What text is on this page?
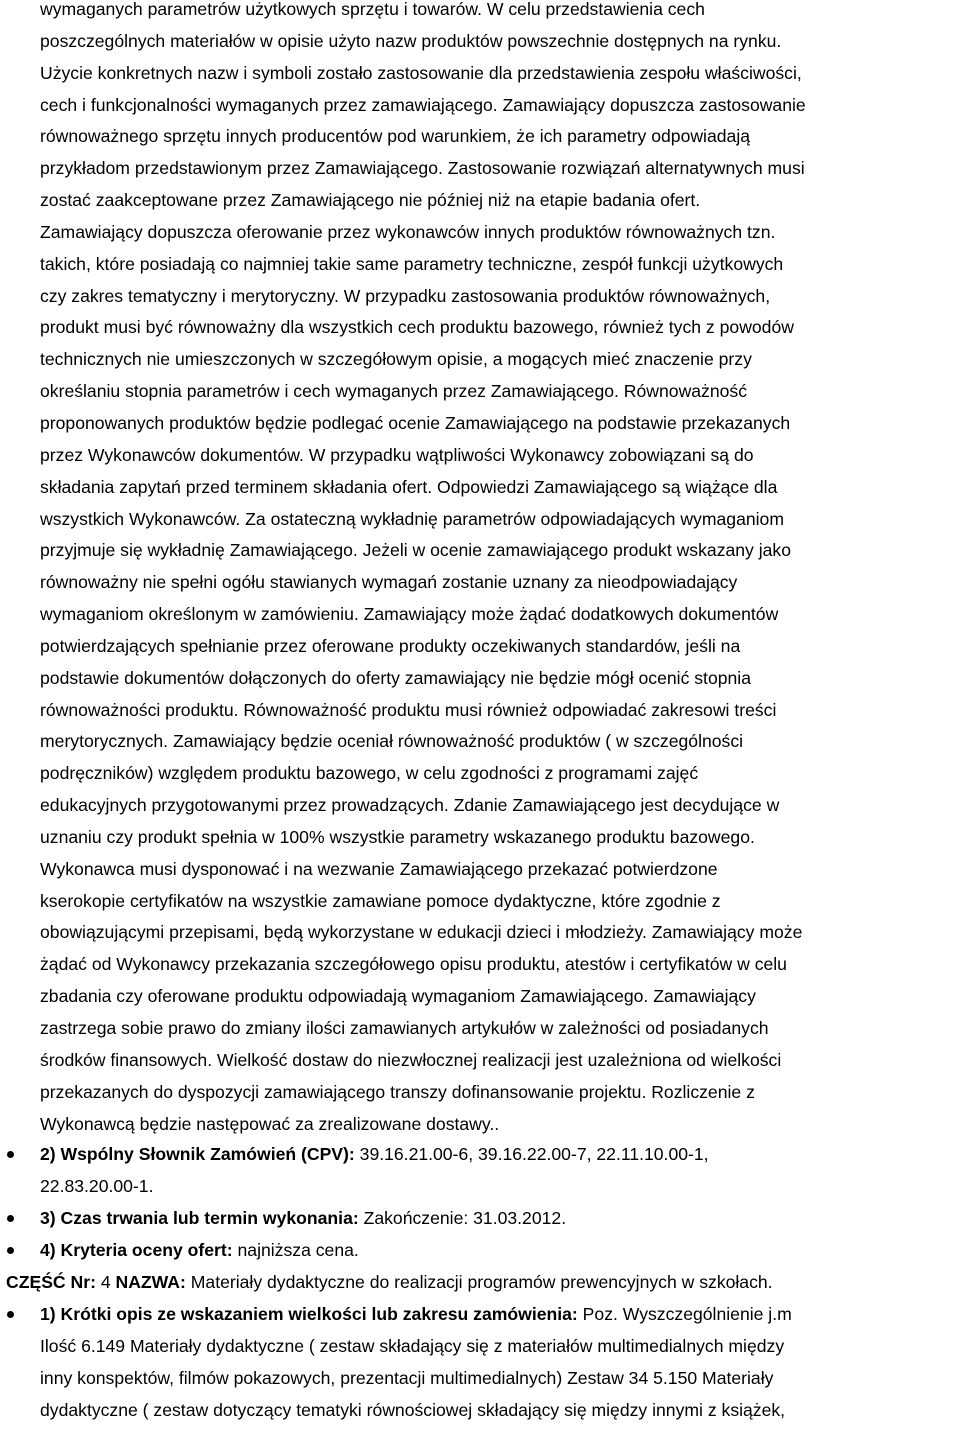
wymaganych parametrów użytkowych sprzętu i towarów. W celu przedstawienia cech
poszczególnych materiałów w opisie użyto nazw produktów powszechnie dostępnych na rynku.
Użycie konkretnych nazw i symboli zostało zastosowanie dla przedstawienia zespołu właściwości,
cech i funkcjonalności wymaganych przez zamawiającego. Zamawiający dopuszcza zastosowanie
równoważnego sprzętu innych producentów pod warunkiem, że ich parametry odpowiadają
przykładom przedstawionym przez Zamawiającego. Zastosowanie rozwiązań alternatywnych musi
zostać zaakceptowane przez Zamawiającego nie później niż na etapie badania ofert.
Zamawiający dopuszcza oferowanie przez wykonawców innych produktów równoważnych tzn.
takich, które posiadają co najmniej takie same parametry techniczne, zespół funkcji użytkowych
czy zakres tematyczny i merytoryczny. W przypadku zastosowania produktów równoważnych,
produkt musi być równoważny dla wszystkich cech produktu bazowego, również tych z powodów
technicznych nie umieszczonych w szczegółowym opisie, a mogących mieć znaczenie przy
określaniu stopnia parametrów i cech wymaganych przez Zamawiającego. Równoważność
proponowanych produktów będzie podlegać ocenie Zamawiającego na podstawie przekazanych
przez Wykonawców dokumentów. W przypadku wątpliwości Wykonawcy zobowiązani są do
składania zapytań przed terminem składania ofert. Odpowiedzi Zamawiającego są wiążące dla
wszystkich Wykonawców. Za ostateczną wykładnię parametrów odpowiadających wymaganiom
przyjmuje się wykładnię Zamawiającego. Jeżeli w ocenie zamawiającego produkt wskazany jako
równoważny nie spełni ogółu stawianych wymagań zostanie uznany za nieodpowiadający
wymaganiom określonym w zamówieniu. Zamawiający może żądać dodatkowych dokumentów
potwierdzających spełnianie przez oferowane produkty oczekiwanych standardów, jeśli na
podstawie dokumentów dołączonych do oferty zamawiający nie będzie mógł ocenić stopnia
równoważności produktu. Równoważność produktu musi również odpowiadać zakresowi treści
merytorycznych. Zamawiający będzie oceniał równoważność produktów ( w szczególności
podręczników) względem produktu bazowego, w celu zgodności z programami zajęć
edukacyjnych przygotowanymi przez prowadzących. Zdanie Zamawiającego jest decydujące w
uznaniu czy produkt spełnia w 100% wszystkie parametry wskazanego produktu bazowego.
Wykonawca musi dysponować i na wezwanie Zamawiającego przekazać potwierdzone
kserokopie certyfikatów na wszystkie zamawiane pomoce dydaktyczne, które zgodnie z
obowiązującymi przepisami, będą wykorzystane w edukacji dzieci i młodzieży. Zamawiający może
żądać od Wykonawcy przekazania szczegółowego opisu produktu, atestów i certyfikatów w celu
zbadania czy oferowane produktu odpowiadają wymaganiom Zamawiającego. Zamawiający
zastrzega sobie prawo do zmiany ilości zamawianych artykułów w zależności od posiadanych
środków finansowych. Wielkość dostaw do niezwłocznej realizacji jest uzależniona od wielkości
przekazanych do dyspozycji zamawiającego transzy dofinansowanie projektu. Rozliczenie z
Wykonawcą będzie następować za zrealizowane dostawy..

2) Wspólny Słownik Zamówień (CPV): 39.16.21.00-6, 39.16.22.00-7, 22.11.10.00-1,
22.83.20.00-1.
3) Czas trwania lub termin wykonania: Zakończenie: 31.03.2012.
4) Kryteria oceny ofert: najniższa cena.
CZĘŚĆ Nr: 4 NAZWA: Materiały dydaktyczne do realizacji programów prewencyjnych w szkołach.
1) Krótki opis ze wskazaniem wielkości lub zakresu zamówienia: Poz. Wyszczególnienie j.m
Ilość 6.149 Materiały dydaktyczne ( zestaw składający się z materiałów multimedialnych między
inny konspektów, filmów pokazowych, prezentacji multimedialnych) Zestaw 34 5.150 Materiały
dydaktyczne ( zestaw dotyczący tematyki równościowej składający się między innymi z książek,
